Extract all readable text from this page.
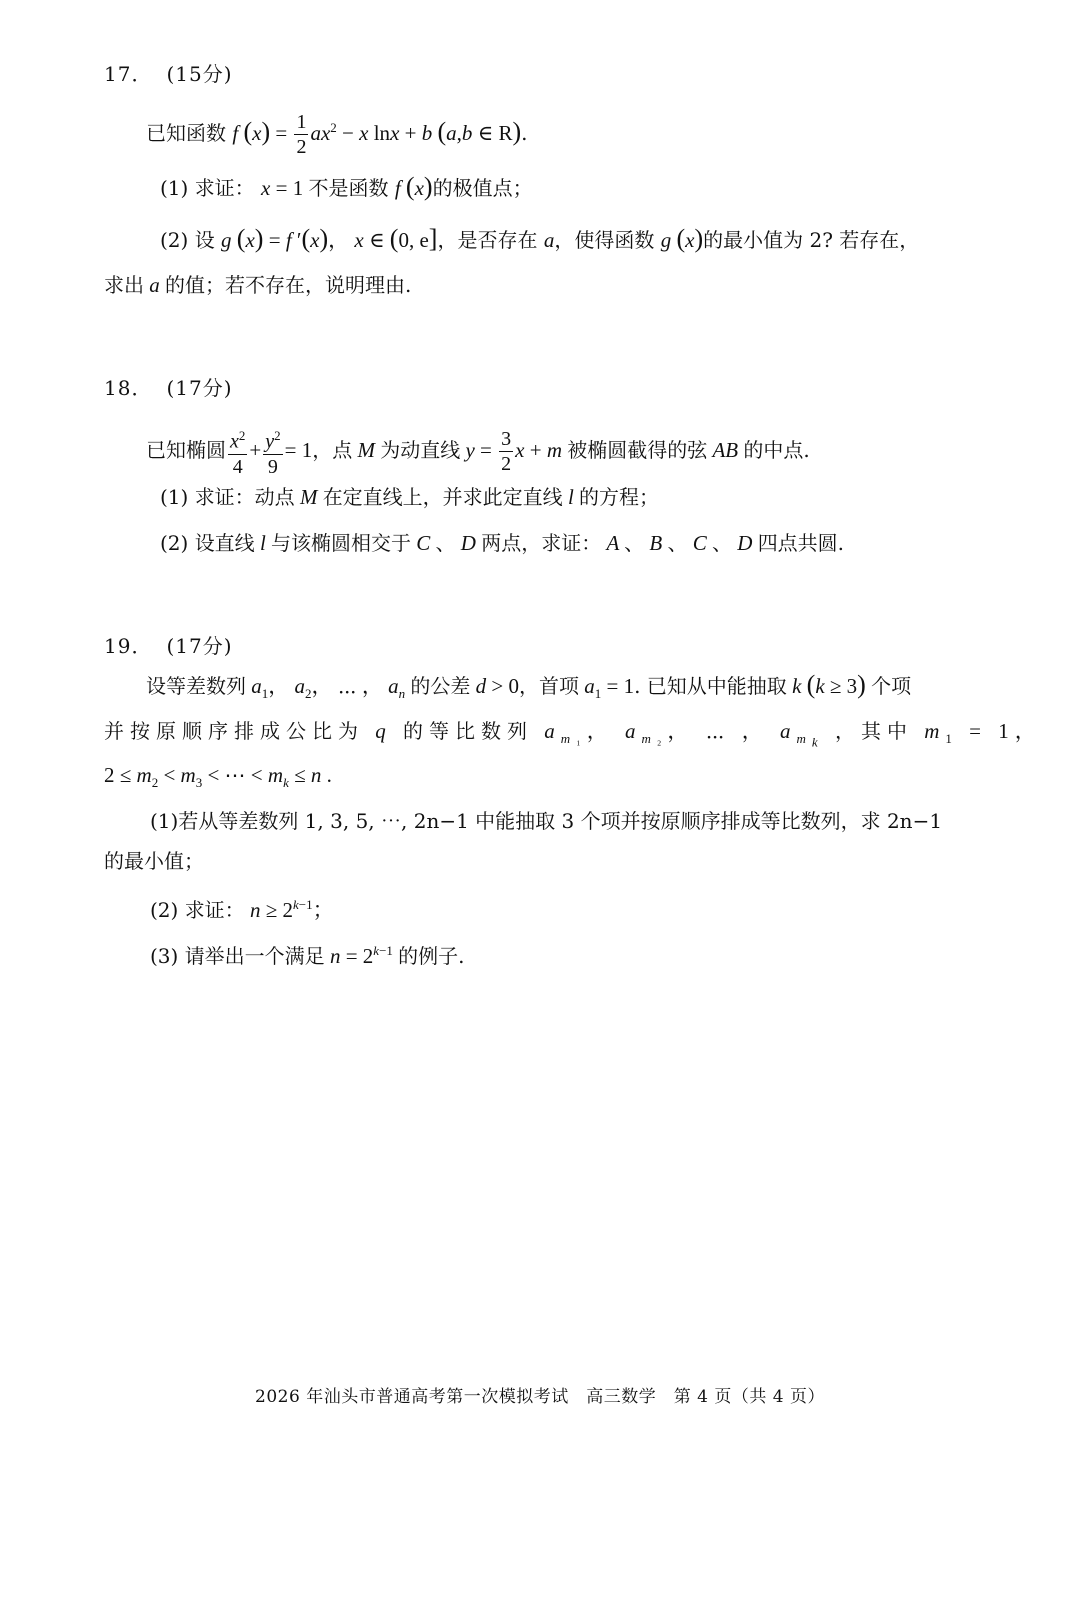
17． (15分)
已知函数 f $(x) = \frac{1}{2} ax^2 - x$ lnx + b (a,b ∈ R).
(1) 求证： x = 1 不是函数 f (x)的极值点；
(2) 设 g (x) = f ′(x)， x ∈ (0, e]，是否存在 a，使得函数 g (x)的最小值为 2? 若存在，
求出 a 的值；若不存在，说明理由.
18． (17分)
已知椭圆 $\frac{x^2}{4} + \frac{y^2}{9} = 1$，点 M 为动直线 $y = \frac{3}{2}$ x + m 被椭圆截得的弦 AB 的中点.
(1) 求证：动点 M 在定直线上，并求此定直线 l 的方程；
(2) 设直线 l 与该椭圆相交于 C 、 D 两点，求证： A 、 B 、 C 、 D 四点共圆.
19． (17分)
设等差数列 $a_1$， $a_2$， ⋯ ， $a_n$ 的公差 d > 0，首项 $a_1 = 1$. 已知从中能抽取 k (k ≥ 3) 个项
并按原顺序排成公比为 q 的等比数列 $a_{m_1}$， $a_{m_2}$， ⋯ ， $a_{m_k}$ ，其中 $m_1 = 1$，
$2 \le m_2 < m_3$ < ⋯ < $m_k \le n$ .
(1)若从等差数列 1, 3, 5, ⋯, 2n−1 中能抽取 3 个项并按原顺序排成等比数列，求 2n−1
的最小值；
(2) 求证： $n \ge 2^{k-1}$；
(3) 请举出一个满足 $n = 2^{k-1}$ 的例子.
2026 年汕头市普通高考第一次模拟考试　高三数学　第 4 页（共 4 页）
